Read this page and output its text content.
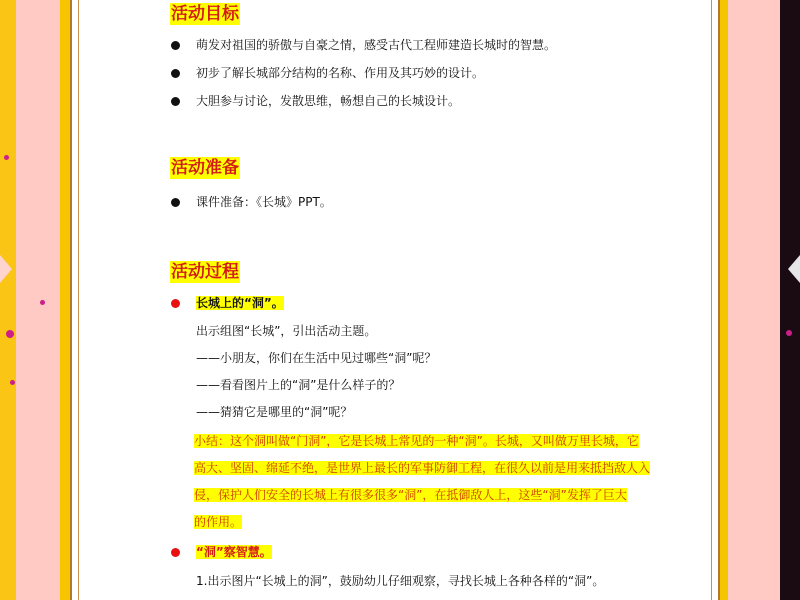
活动目标
萌发对祖国的骄傲与自豪之情，感受古代工程师建造长城时的智慧。
初步了解长城部分结构的名称、作用及其巧妙的设计。
大胆参与讨论，发散思维，畅想自己的长城设计。
活动准备
课件准备：《长城》PPT。
活动过程
长城上的“洞”。
出示组图“长城”，引出活动主题。
——小朋友，你们在生活中见过哪些“洞”呢？
——看看图片上的“洞”是什么样子的？
——猜猜它是哪里的“洞”呢？
小结：这个洞叫做“门洞”，它是长城上常见的一种“洞”。长城，又叫做万里长城，它
高大、坚固、绵延不绝，是世界上最长的军事防御工程，在很久以前是用来抵挡敌人入
侵，保护人们安全的长城上有很多很多“洞”，在抵御敌人上，这些“洞”发挥了巨大
的作用。
“洞”察智慧。
1.出示图片“长城上的洞”，鼓励幼儿仔细观察，寻找长城上各种各样的“洞”。
